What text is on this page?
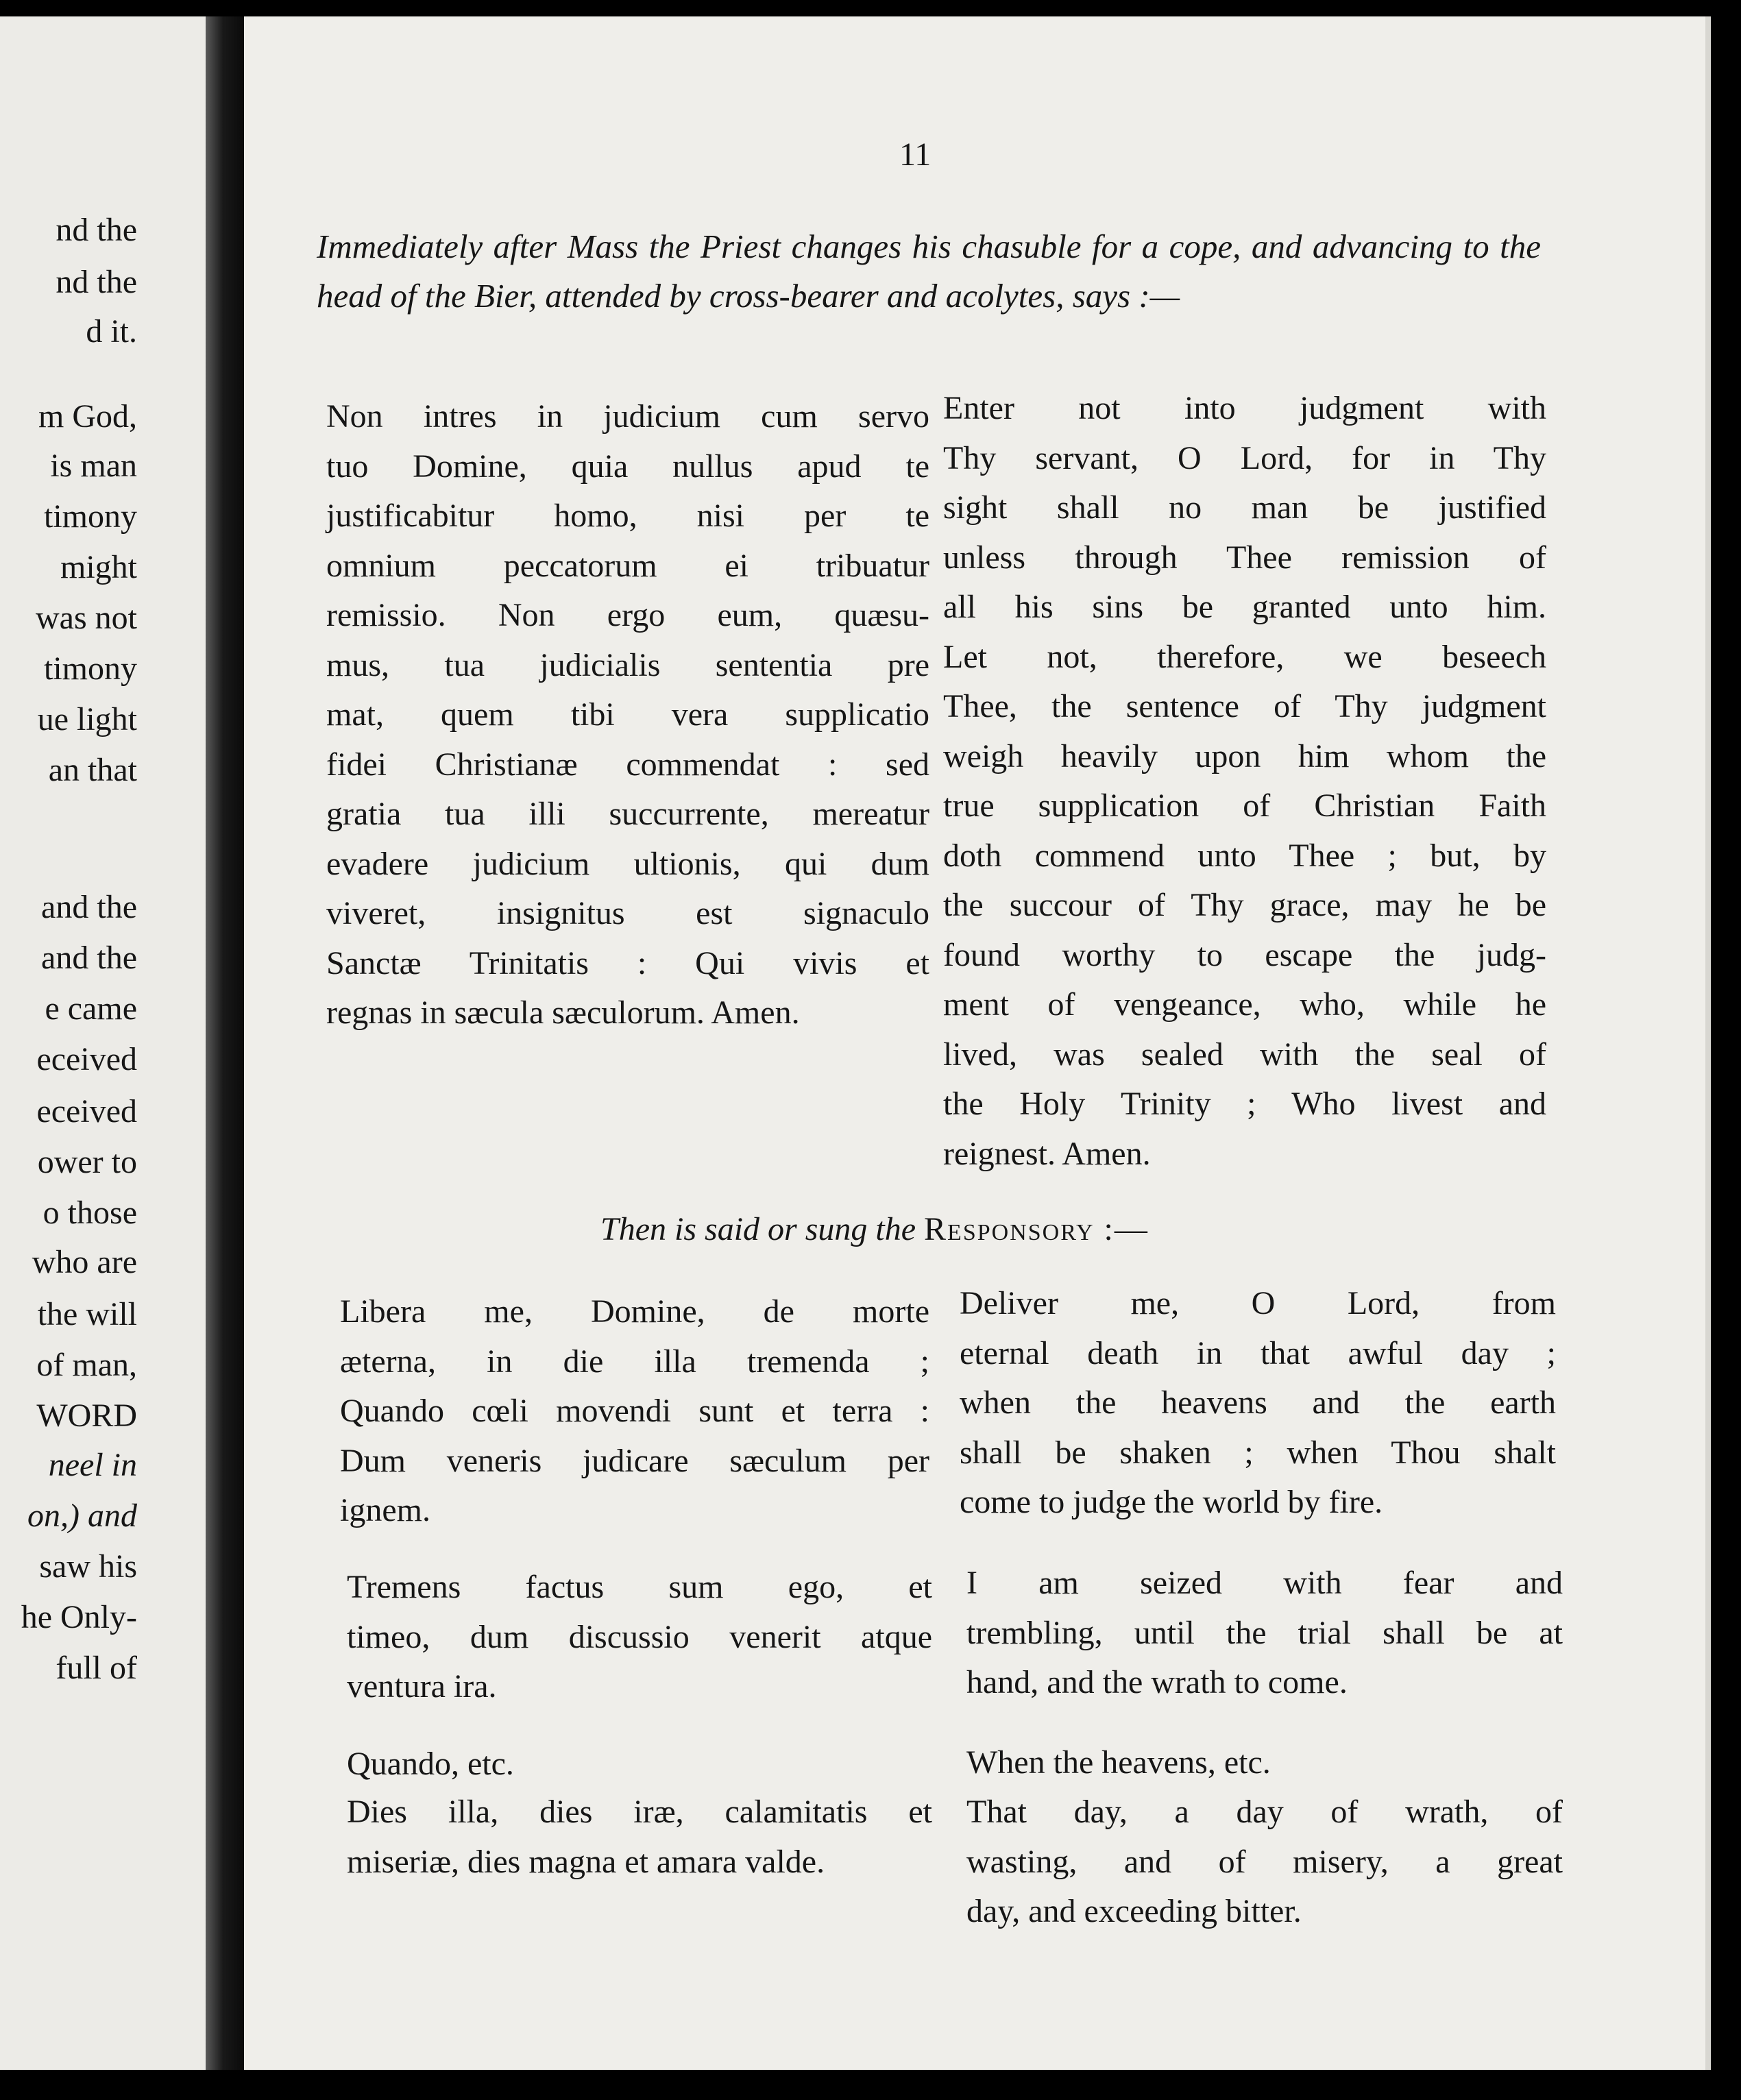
nd the
nd the
d it.
m God,
is man
timony
might
was not
timony
ue light
an that
and the
and the
e came
eceived
eceived
ower to
o those
who are
the will
of man,
WORD
neel in
on,) and
saw his
he Only-
full of
11
Immediately after Mass the Priest changes his chasuble for a cope, and advancing to the head of the Bier, attended by cross-bearer and acolytes, says :—
Non intres in judicium cum servo
tuo Domine, quia nullus apud te
justificabitur homo, nisi per te
omnium peccatorum ei tribuatur
remissio. Non ergo eum, quæsu-
mus, tua judicialis sententia pre
mat, quem tibi vera supplicatio
fidei Christianæ commendat : sed
gratia tua illi succurrente, mereatur
evadere judicium ultionis, qui dum
viveret, insignitus est signaculo
Sanctæ Trinitatis : Qui vivis et
regnas in sæcula sæculorum. Amen.
Enter not into judgment with
Thy servant, O Lord, for in Thy
sight shall no man be justified
unless through Thee remission of
all his sins be granted unto him.
Let not, therefore, we beseech
Thee, the sentence of Thy judgment
weigh heavily upon him whom the
true supplication of Christian Faith
doth commend unto Thee ; but, by
the succour of Thy grace, may he be
found worthy to escape the judg-
ment of vengeance, who, while he
lived, was sealed with the seal of
the Holy Trinity ; Who livest and
reignest. Amen.
Then is said or sung the Responsory :—
Libera me, Domine, de morte
æterna, in die illa tremenda ;
Quando cœli movendi sunt et terra :
Dum veneris judicare sæculum per
ignem.
Deliver me, O Lord, from
eternal death in that awful day ;
when the heavens and the earth
shall be shaken ; when Thou shalt
come to judge the world by fire.
Tremens factus sum ego, et
timeo, dum discussio venerit atque
ventura ira.
I am seized with fear and
trembling, until the trial shall be at
hand, and the wrath to come.
Quando, etc.	When the heavens, etc.
Dies illa, dies iræ, calamitatis et
miseriæ, dies magna et amara valde.
That day, a day of wrath, of
wasting, and of misery, a great
day, and exceeding bitter.
